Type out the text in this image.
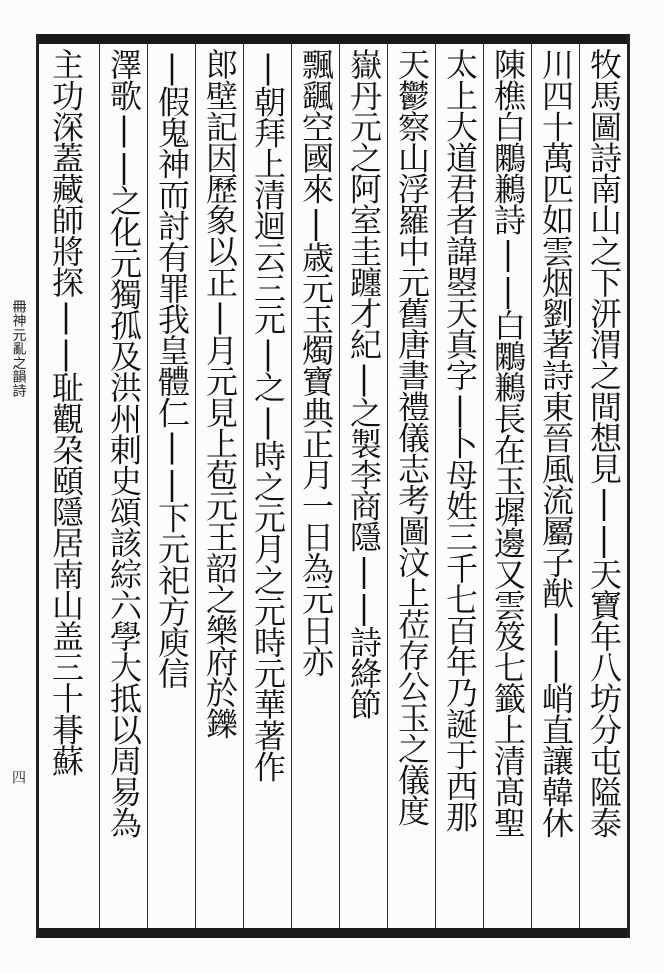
牧馬圖詩南山之下汧渭之間想見||天寶年八坊分屯隘泰
川四十萬匹如雲烟劉著詩東晉風流屬子猷||峭直讓韓休
陳樵白鷴鶼詩||白鷴鶼長在玉墀邊又雲笈七籤上清髙聖
太上大道君者諱曌天真字|卜母姓三千七百年乃誕于西那
天鬱察山浮羅中元舊唐書禮儀志考圖汶上莅存公玉之儀度
嶽丹元之阿室圭躔才紀|之製李商隱||詩絳節
飄颻空國來|歳元玉燭寶典正月一日為元日亦
|朝拜上清迴云三元|之|時之元月之元時元華著作
郎壁記因歷象以正|月元見上苞元王韶之樂府於鑠
|假鬼神而討有罪我皇體仁||下元祀方庾信
澤歌||之化元獨孤及洪州剌史頌該綜六學大抵以周易為
主功深蓋藏師將探||耻觀朶頤隱居南山盖三十朞蘇
𠕋神元亂之韻詩
四
